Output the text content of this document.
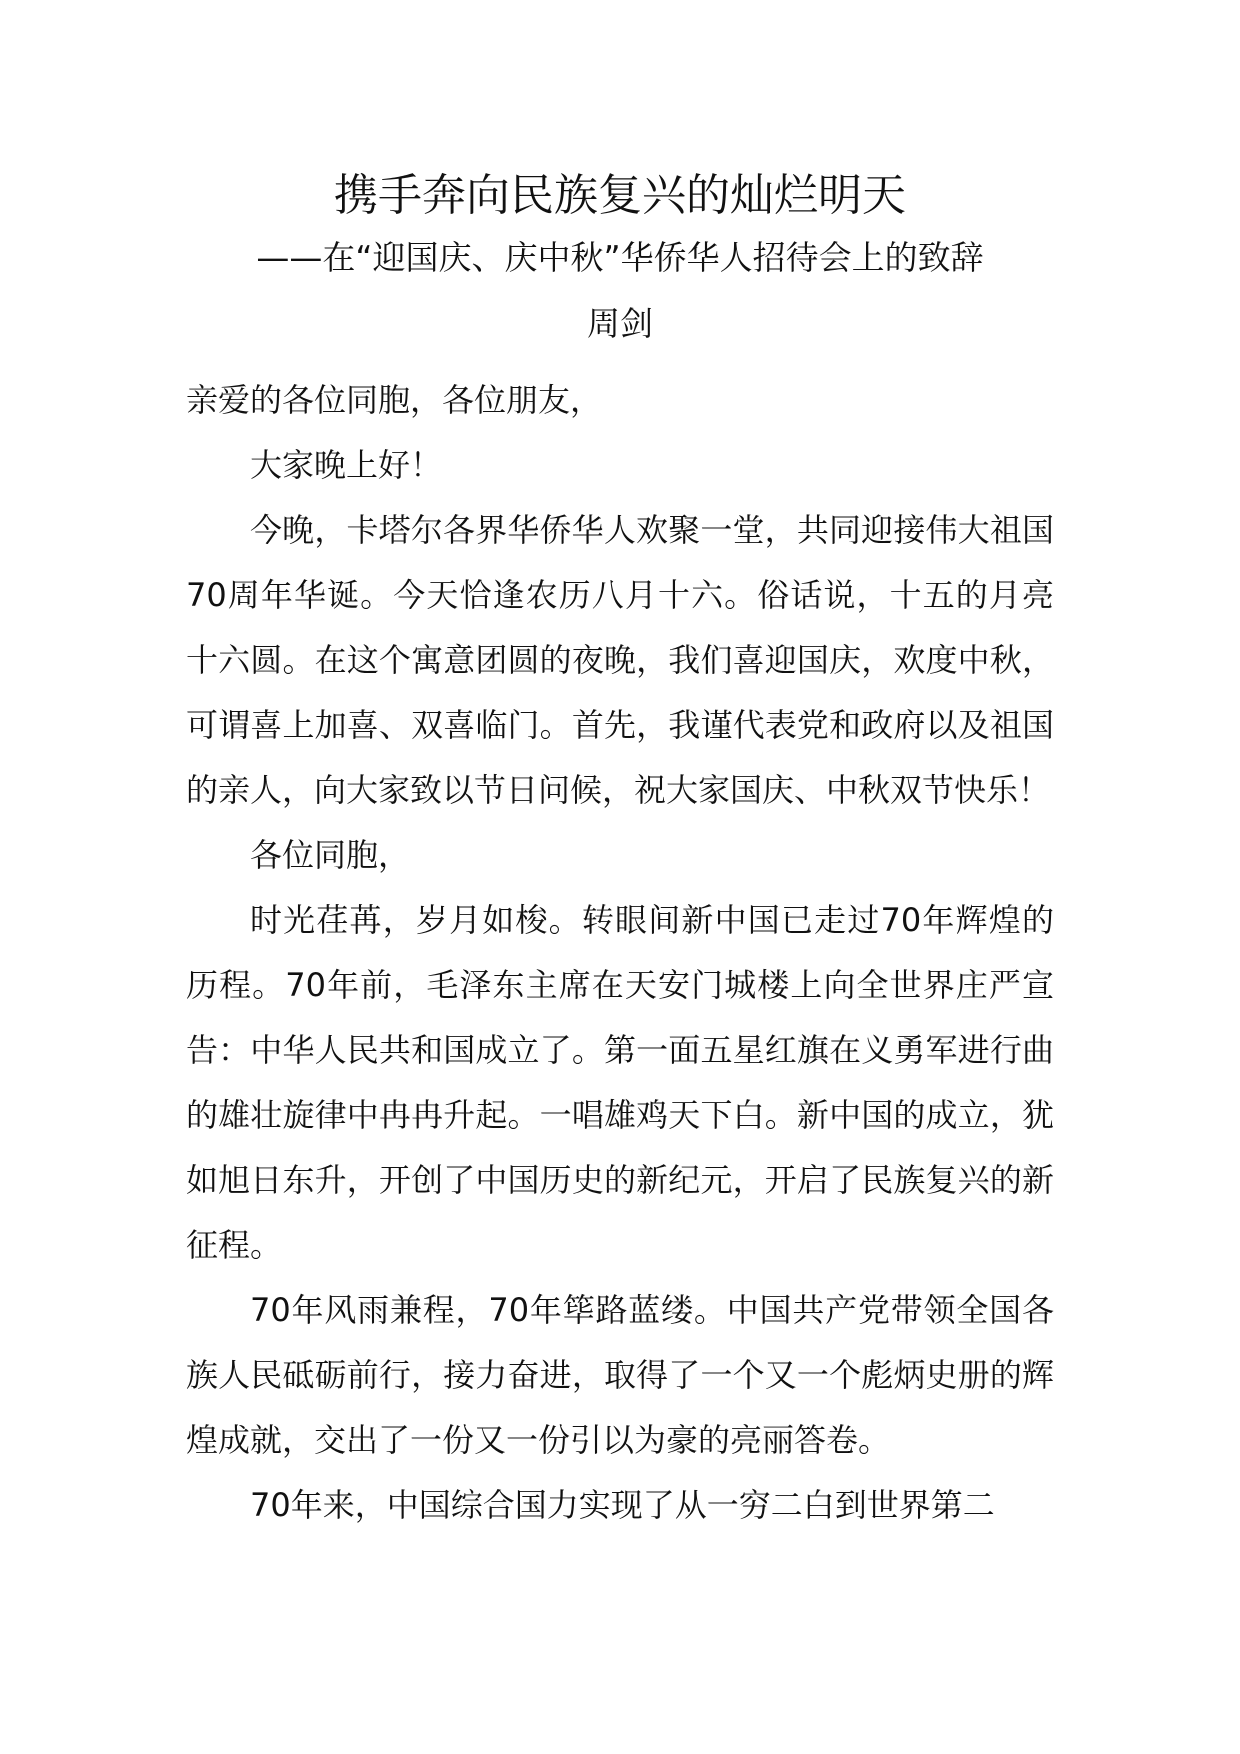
携手奔向民族复兴的灿烂明天
——在“迎国庆、庆中秋”华侨华人招待会上的致辞
周剑

亲爱的各位同胞，各位朋友，

大家晚上好！

今晚，卡塔尔各界华侨华人欢聚一堂，共同迎接伟大祖国70周年华诞。今天恰逢农历八月十六。俗话说，十五的月亮十六圆。在这个寓意团圆的夜晚，我们喜迎国庆，欢度中秋，可谓喜上加喜、双喜临门。首先，我谨代表党和政府以及祖国的亲人，向大家致以节日问候，祝大家国庆、中秋双节快乐！

各位同胞，

时光荏苒，岁月如梭。转眼间新中国已走过70年辉煌的历程。70年前，毛泽东主席在天安门城楼上向全世界庄严宣告：中华人民共和国成立了。第一面五星红旗在义勇军进行曲的雄壮旋律中冉冉升起。一唱雄鸡天下白。新中国的成立，犹如旭日东升，开创了中国历史的新纪元，开启了民族复兴的新征程。

70年风雨兼程，70年筚路蓝缕。中国共产党带领全国各族人民砥砺前行，接力奋进，取得了一个又一个彪炳史册的辉煌成就，交出了一份又一份引以为豪的亮丽答卷。

70年来，中国综合国力实现了从一穷二白到世界第二
